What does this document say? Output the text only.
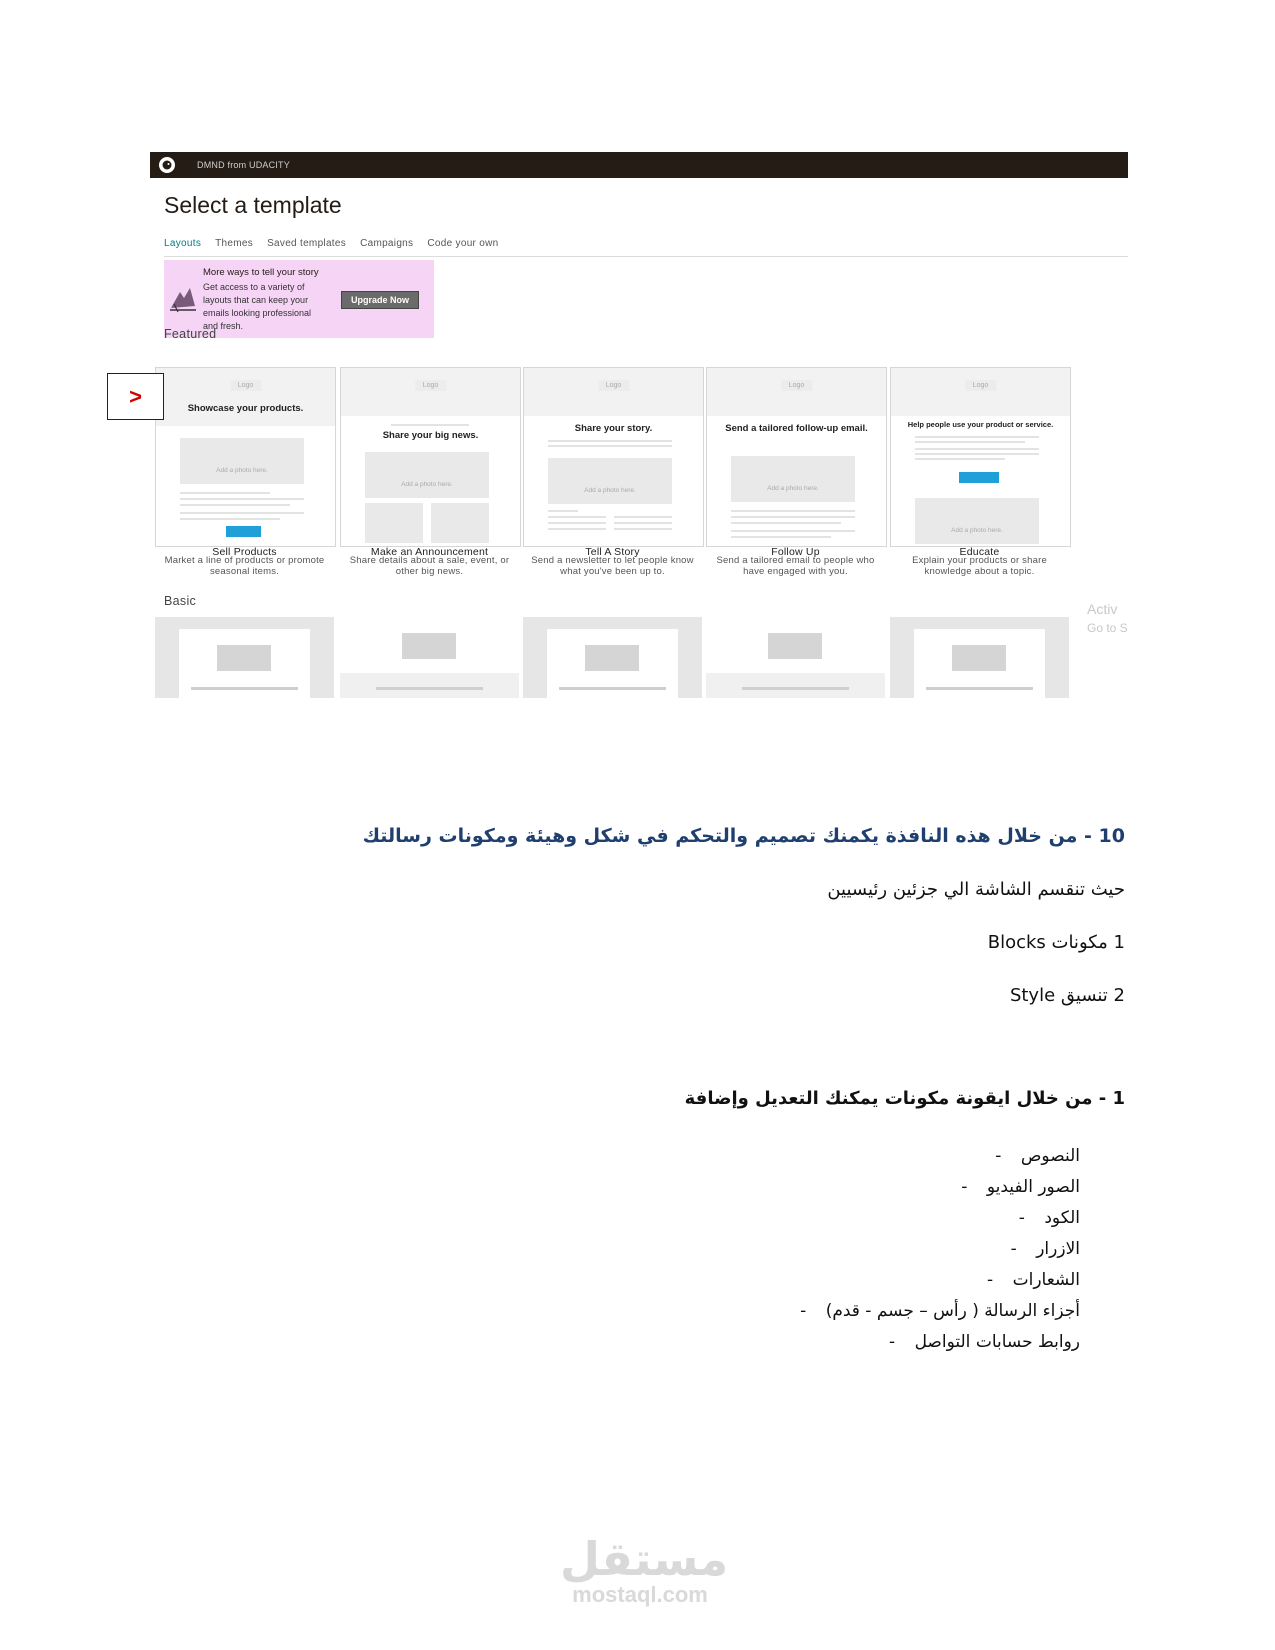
DMND from UDACITY
Select a template
Layouts Themes Saved templates Campaigns Code your own
More ways to tell your story
Get access to a variety of layouts that can keep your emails looking professional and fresh.
Upgrade Now
Featured
Logo
Showcase your products.
Add a photo here.
Logo
Share your big news.
Add a photo here.
Logo
Share your story.
Add a photo here.
Logo
Send a tailored follow-up email.
Add a photo here.
Logo
Help people use your product or service.
Add a photo here.
Sell Products
Market a line of products or promote seasonal items.
Make an Announcement
Share details about a sale, event, or other big news.
Tell A Story
Send a newsletter to let people know what you've been up to.
Follow Up
Send a tailored email to people who have engaged with you.
Educate
Explain your products or share knowledge about a topic.
Basic	Activ
Go to S
>
10 - من خلال هذه النافذة يكمنك تصميم والتحكم في شكل وهيئة ومكونات رسالتك
حيث تنقسم الشاشة الي جزئين رئيسيين
1 مكونات Blocks
2 تنسيق Style
1 - من خلال ايقونة مكونات يمكنك التعديل وإضافة
النصوص
-
الصور الفيديو
-
الكود
-
الازرار
-
الشعارات
-
أجزاء الرسالة ( رأس – جسم - قدم)
-
روابط حسابات التواصل
-
مستقل
mostaql.com
